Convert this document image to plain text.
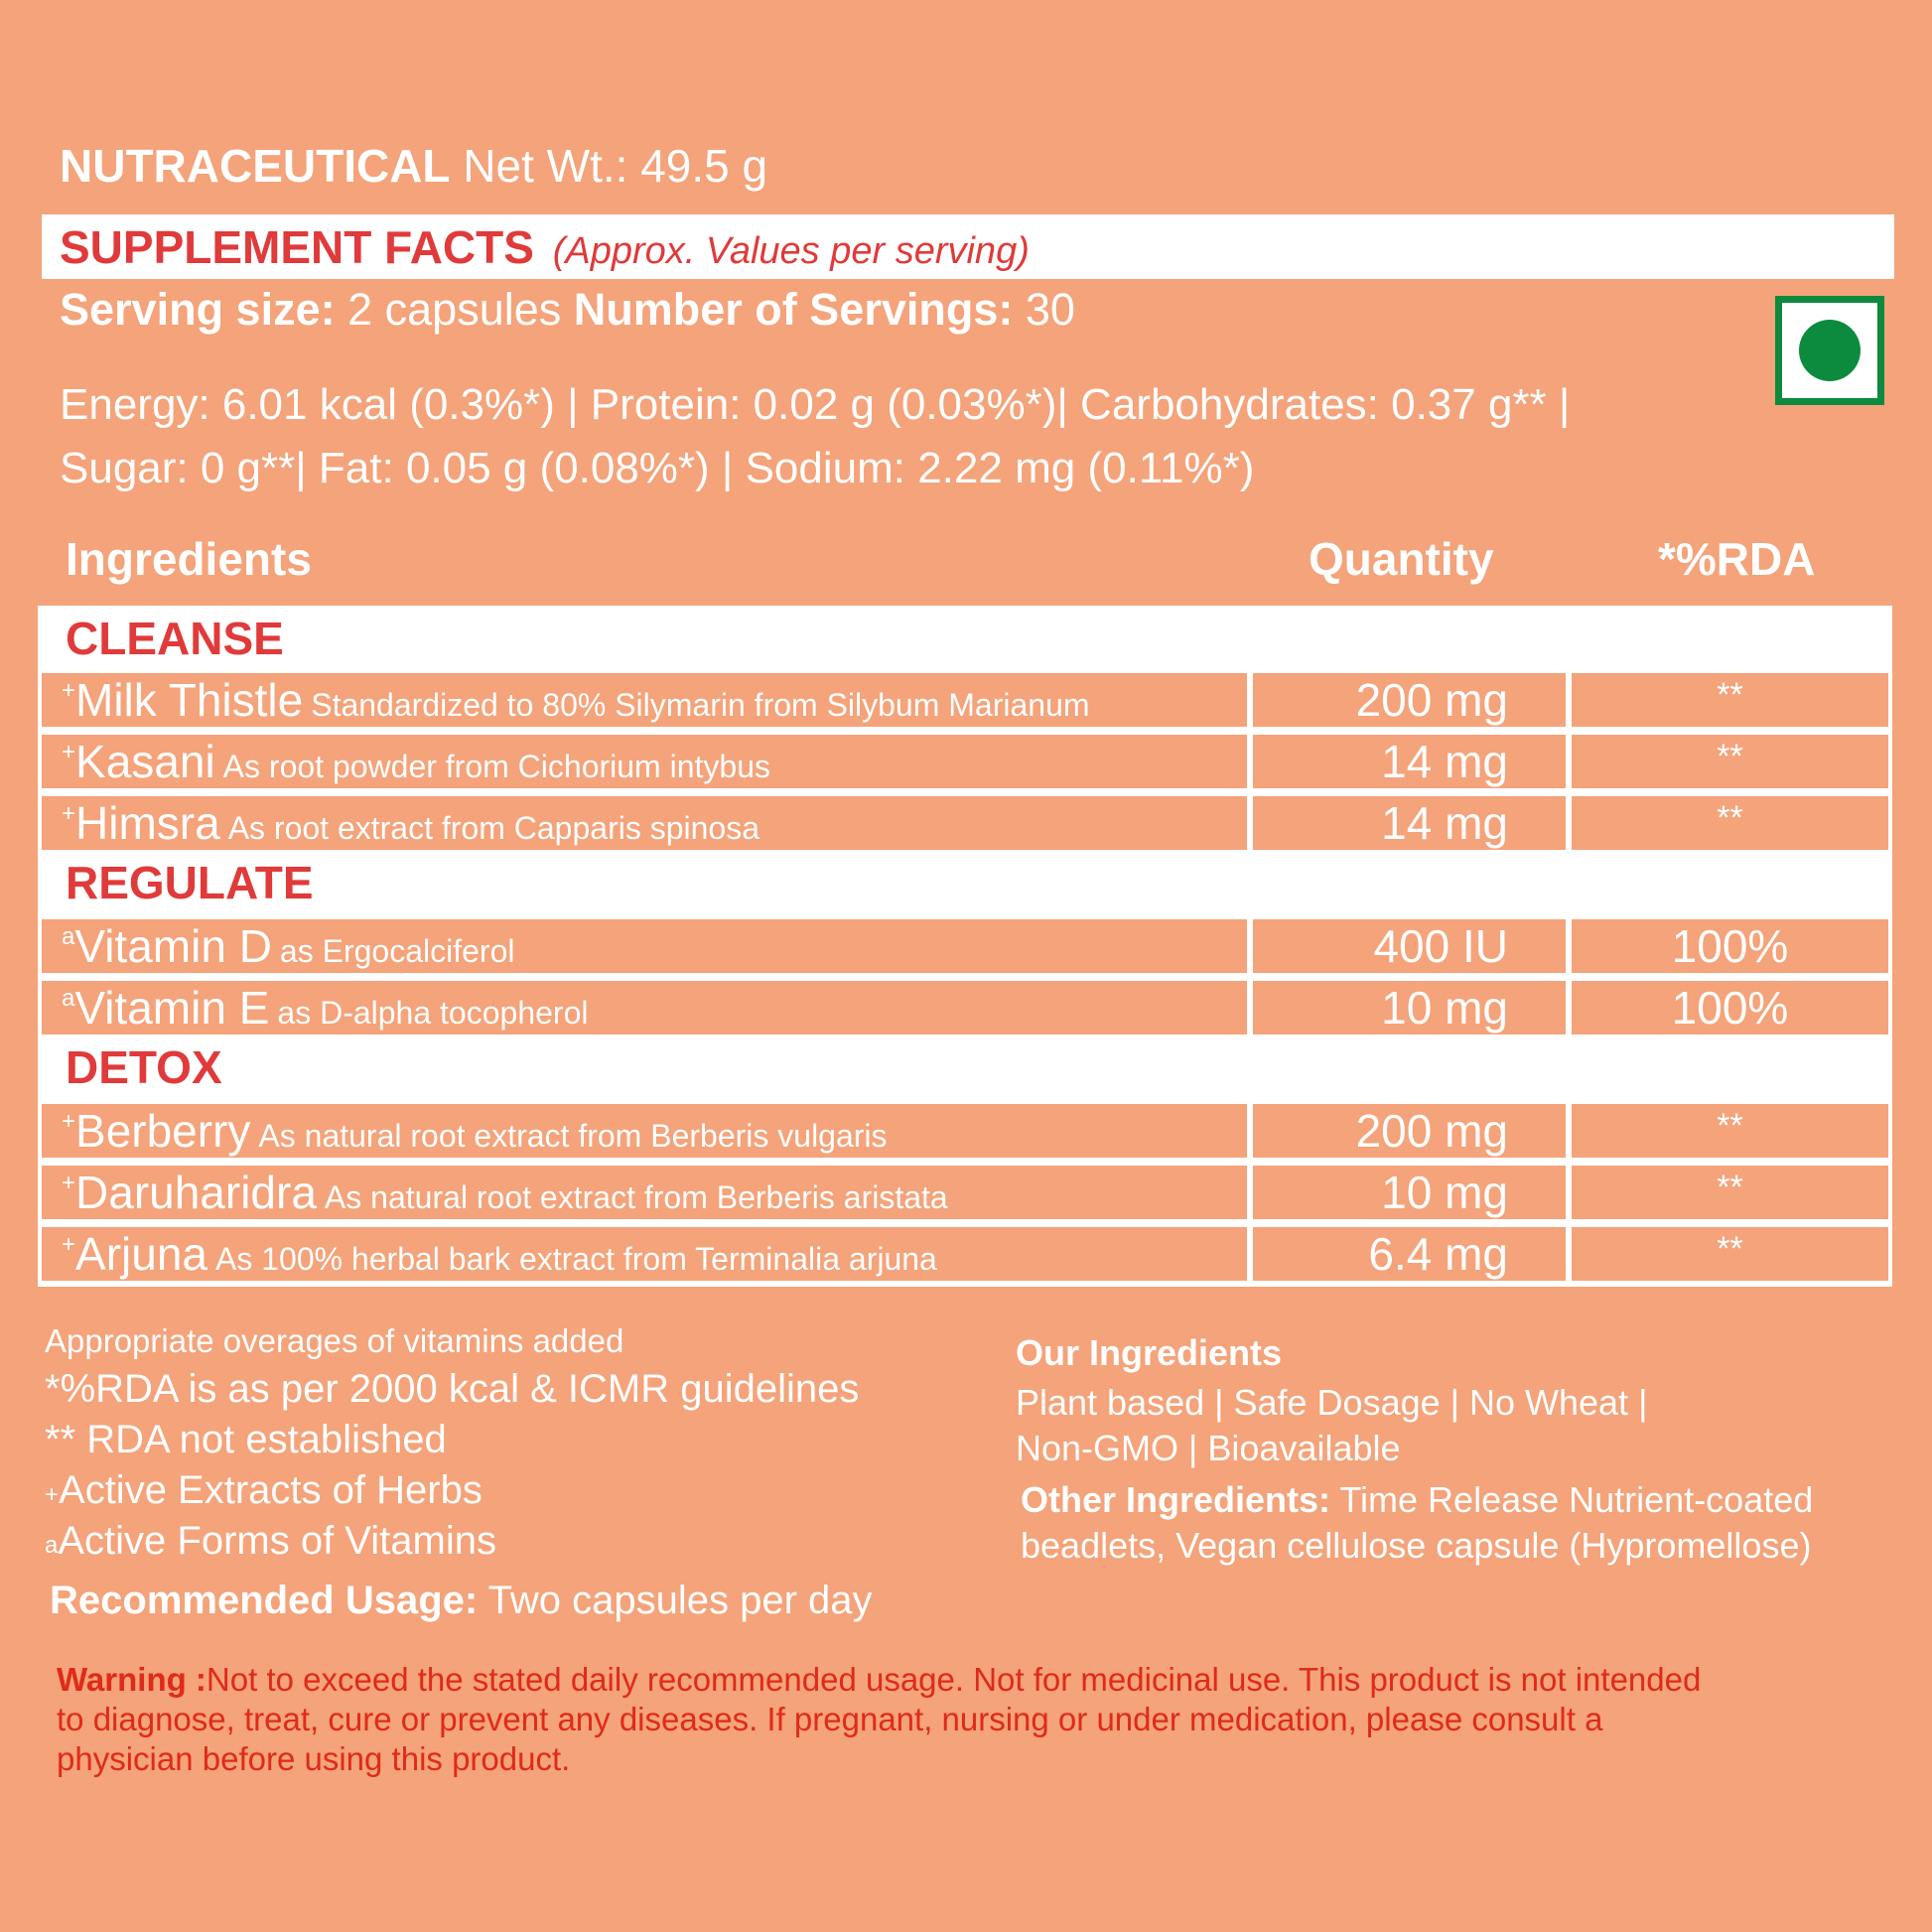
NUTRACEUTICAL Net Wt.: 49.5 g
SUPPLEMENT FACTS (Approx. Values per serving)
Serving size: 2 capsules Number of Servings: 30
Energy: 6.01 kcal (0.3%*) | Protein: 0.02 g (0.03%*)| Carbohydrates: 0.37 g** |
Sugar: 0 g**| Fat: 0.05 g (0.08%*) | Sodium: 2.22 mg (0.11%*)
Ingredients	Quantity	*%RDA
CLEANSE
+Milk Thistle Standardized to 80% Silymarin from Silybum Marianum	200 mg	**
+Kasani As root powder from Cichorium intybus	14 mg	**
+Himsra As root extract from Capparis spinosa	14 mg	**
REGULATE
aVitamin D as Ergocalciferol	400 IU	100%
aVitamin E as D-alpha tocopherol	10 mg	100%
DETOX
+Berberry As natural root extract from Berberis vulgaris	200 mg	**
+Daruharidra As natural root extract from Berberis aristata	10 mg	**
+Arjuna As 100% herbal bark extract from Terminalia arjuna	6.4 mg	**
Appropriate overages of vitamins added
*%RDA is as per 2000 kcal & ICMR guidelines
** RDA not established
+Active Extracts of Herbs
$^a$Active Forms of Vitamins
Recommended Usage: Two capsules per day
Our Ingredients
Plant based | Safe Dosage | No Wheat |
Non-GMO | Bioavailable
Other Ingredients: Time Release Nutrient-coated beadlets, Vegan cellulose capsule (Hypromellose)
Warning :Not to exceed the stated daily recommended usage. Not for medicinal use. This product is not intended to diagnose, treat, cure or prevent any diseases. If pregnant, nursing or under medication, please consult a physician before using this product.
